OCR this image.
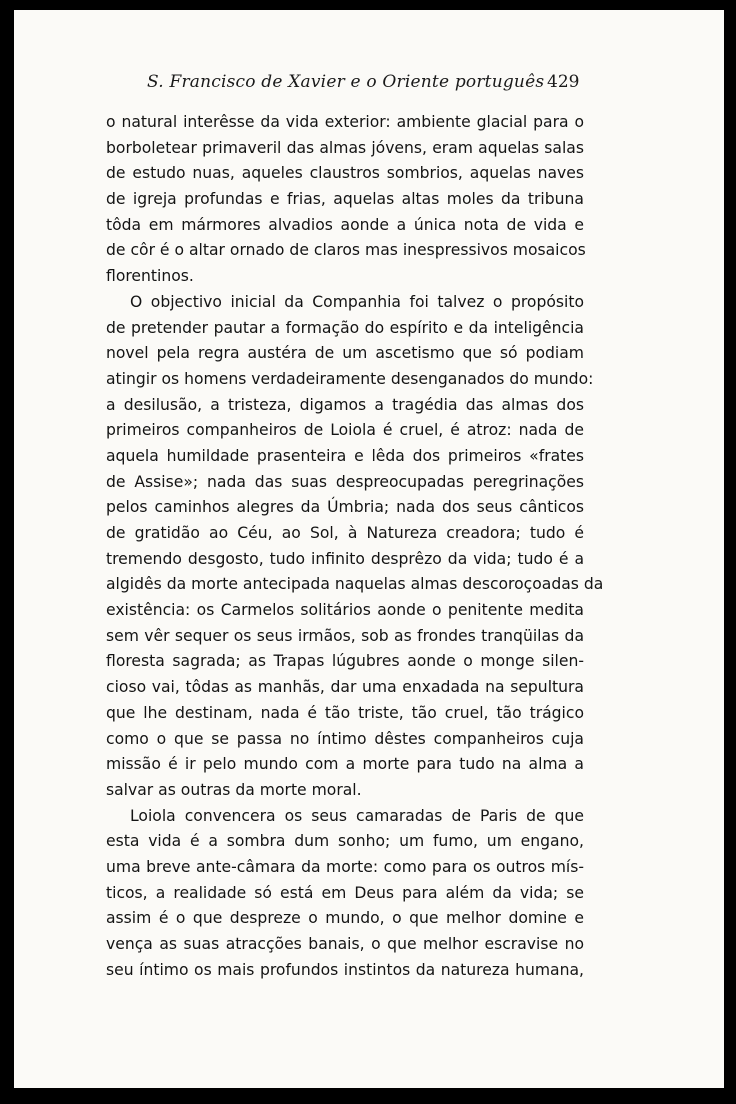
S. Francisco de Xavier e o Oriente português 429
o natural interêsse da vida exterior: ambiente glacial para o
borboletear primaveril das almas jóvens, eram aquelas salas
de estudo nuas, aqueles claustros sombrios, aquelas naves
de igreja profundas e frias, aquelas altas moles da tribuna
tôda em mármores alvadios aonde a única nota de vida e
de côr é o altar ornado de claros mas inespressivos mosaicos
florentinos.
O objectivo inicial da Companhia foi talvez o propósito
de pretender pautar a formação do espírito e da inteligência
novel pela regra austéra de um ascetismo que só podiam
atingir os homens verdadeiramente desenganados do mundo:
a desilusão, a tristeza, digamos a tragédia das almas dos
primeiros companheiros de Loiola é cruel, é atroz: nada de
aquela humildade prasenteira e lêda dos primeiros «frates
de Assise»; nada das suas despreocupadas peregrinações
pelos caminhos alegres da Úmbria; nada dos seus cânticos
de gratidão ao Céu, ao Sol, à Natureza creadora; tudo é
tremendo desgosto, tudo infinito desprêzo da vida; tudo é a
algidês da morte antecipada naquelas almas descoroçoadas da
existência: os Carmelos solitários aonde o penitente medita
sem vêr sequer os seus irmãos, sob as frondes tranqüilas da
floresta sagrada; as Trapas lúgubres aonde o monge silen-
cioso vai, tôdas as manhãs, dar uma enxadada na sepultura
que lhe destinam, nada é tão triste, tão cruel, tão trágico
como o que se passa no íntimo dêstes companheiros cuja
missão é ir pelo mundo com a morte para tudo na alma a
salvar as outras da morte moral.
Loiola convencera os seus camaradas de Paris de que
esta vida é a sombra dum sonho; um fumo, um engano,
uma breve ante-câmara da morte: como para os outros mís-
ticos, a realidade só está em Deus para além da vida; se
assim é o que despreze o mundo, o que melhor domine e
vença as suas atracções banais, o que melhor escravise no
seu íntimo os mais profundos instintos da natureza humana,
